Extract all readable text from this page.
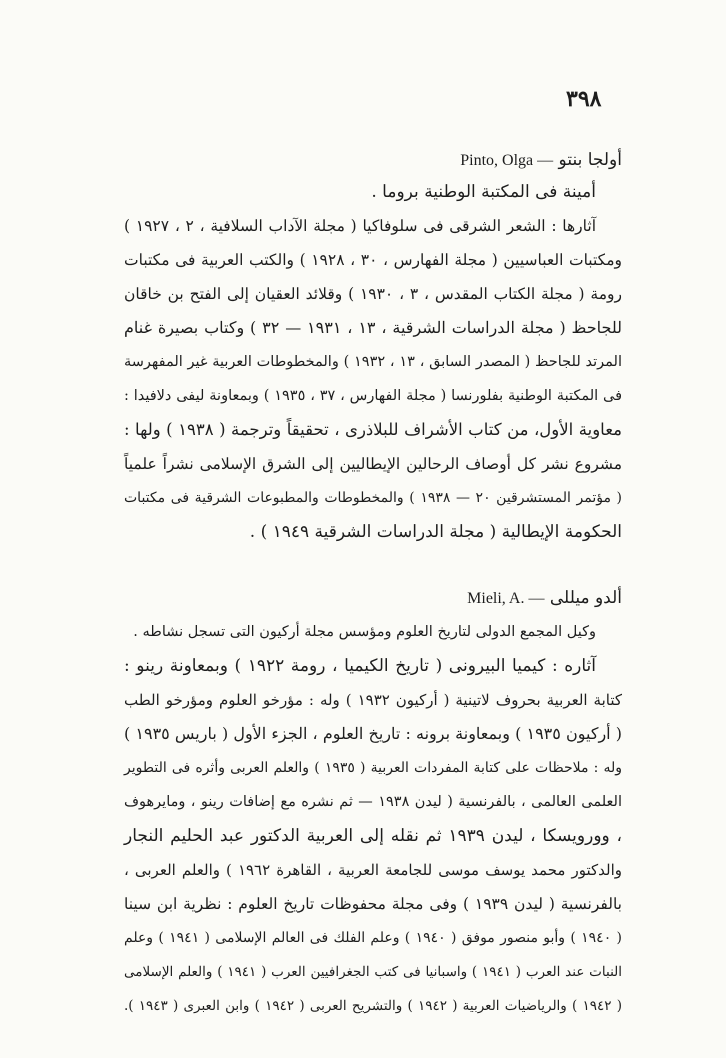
٣٩٨
Pinto, Olga — أولجا بنتو
أمينة فى المكتبة الوطنية بروما .
آثارها : الشعر الشرقى فى سلوفاكيا ( مجلة الآداب السلافية ، ٢ ، ١٩٢٧ )
ومكتبات العباسيين ( مجلة الفهارس ، ٣٠ ، ١٩٢٨ ) والكتب العربية فى مكتبات
رومة ( مجلة الكتاب المقدس ، ٣ ، ١٩٣٠ ) وقلائد العقيان إلى الفتح بن خاقان
للجاحظ ( مجلة الدراسات الشرقية ، ١٣ ، ١٩٣١ — ٣٢ ) وكتاب بصيرة غنام
المرتد للجاحظ ( المصدر السابق ، ١٣ ، ١٩٣٢ ) والمخطوطات العربية غير المفهرسة
فى المكتبة الوطنية بفلورنسا ( مجلة الفهارس ، ٣٧ ، ١٩٣٥ ) وبمعاونة ليفى دلافيدا :
معاوية الأول، من كتاب الأشراف للبلاذرى ، تحقيقاً وترجمة ( ١٩٣٨ ) ولها :
مشروع نشر كل أوصاف الرحالين الإيطاليين إلى الشرق الإسلامى نشراً علمياً
( مؤتمر المستشرقين ٢٠ — ١٩٣٨ ) والمخطوطات والمطبوعات الشرقية فى مكتبات
الحكومة الإيطالية ( مجلة الدراسات الشرقية ١٩٤٩ ) .
Mieli, A. — ألدو ميللى
وكيل المجمع الدولى لتاريخ العلوم ومؤسس مجلة أركيون التى تسجل نشاطه .
آثاره : كيميا البيرونى ( تاريخ الكيميا ، رومة ١٩٢٢ ) وبمعاونة رينو :
كتابة العربية بحروف لاتينية ( أركيون ١٩٣٢ ) وله : مؤرخو العلوم ومؤرخو الطب
( أركيون ١٩٣٥ ) وبمعاونة برونه : تاريخ العلوم ، الجزء الأول ( باريس ١٩٣٥ )
وله : ملاحظات على كتابة المفردات العربية ( ١٩٣٥ ) والعلم العربى وأثره فى التطوير
العلمى العالمى ، بالفرنسية ( ليدن ١٩٣٨ — ثم نشره مع إضافات رينو ، ومايرهوف
، وورويسكا ، ليدن ١٩٣٩ ثم نقله إلى العربية الدكتور عبد الحليم النجار
والدكتور محمد يوسف موسى للجامعة العربية ، القاهرة ١٩٦٢ ) والعلم العربى ،
بالفرنسية ( ليدن ١٩٣٩ ) وفى مجلة محفوظات تاريخ العلوم : نظرية ابن سينا
( ١٩٤٠ ) وأبو منصور موفق ( ١٩٤٠ ) وعلم الفلك فى العالم الإسلامى ( ١٩٤١ ) وعلم
النبات عند العرب ( ١٩٤١ ) واسبانيا فى كتب الجغرافيين العرب ( ١٩٤١ ) والعلم الإسلامى
( ١٩٤٢ ) والرياضيات العربية ( ١٩٤٢ ) والتشريح العربى ( ١٩٤٢ ) وابن العبرى ( ١٩٤٣ ).
